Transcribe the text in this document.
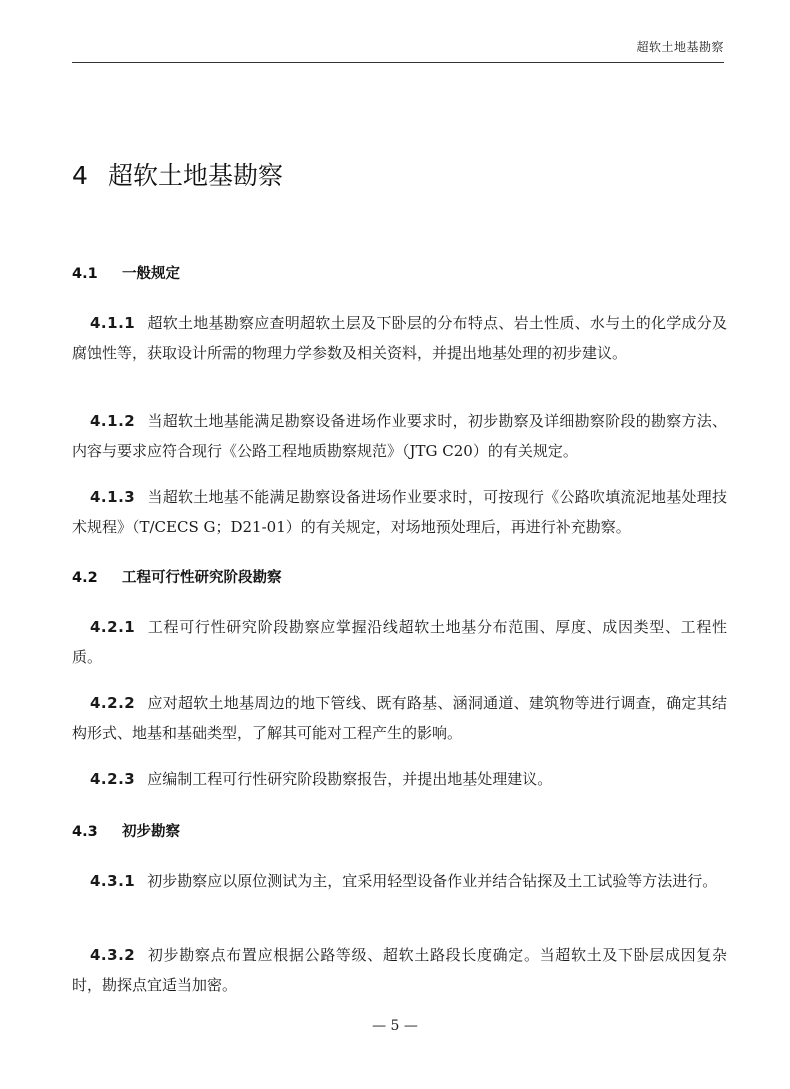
超软土地基勘察
4 超软土地基勘察
4.1 一般规定

4.1.1 超软土地基勘察应查明超软土层及下卧层的分布特点、岩土性质、水与土的化学成分及腐蚀性等，获取设计所需的物理力学参数及相关资料，并提出地基处理的初步建议。

4.1.2 当超软土地基能满足勘察设备进场作业要求时，初步勘察及详细勘察阶段的勘察方法、内容与要求应符合现行《公路工程地质勘察规范》（JTG C20）的有关规定。

4.1.3 当超软土地基不能满足勘察设备进场作业要求时，可按现行《公路吹填流泥地基处理技术规程》（T/CECS G；D21-01）的有关规定，对场地预处理后，再进行补充勘察。

4.2 工程可行性研究阶段勘察

4.2.1 工程可行性研究阶段勘察应掌握沿线超软土地基分布范围、厚度、成因类型、工程性质。

4.2.2 应对超软土地基周边的地下管线、既有路基、涵洞通道、建筑物等进行调查，确定其结构形式、地基和基础类型，了解其可能对工程产生的影响。

4.2.3 应编制工程可行性研究阶段勘察报告，并提出地基处理建议。

4.3 初步勘察

4.3.1 初步勘察应以原位测试为主，宜采用轻型设备作业并结合钻探及土工试验等方法进行。

4.3.2 初步勘察点布置应根据公路等级、超软土路段长度确定。当超软土及下卧层成因复杂时，勘探点宜适当加密。

— 5 —
